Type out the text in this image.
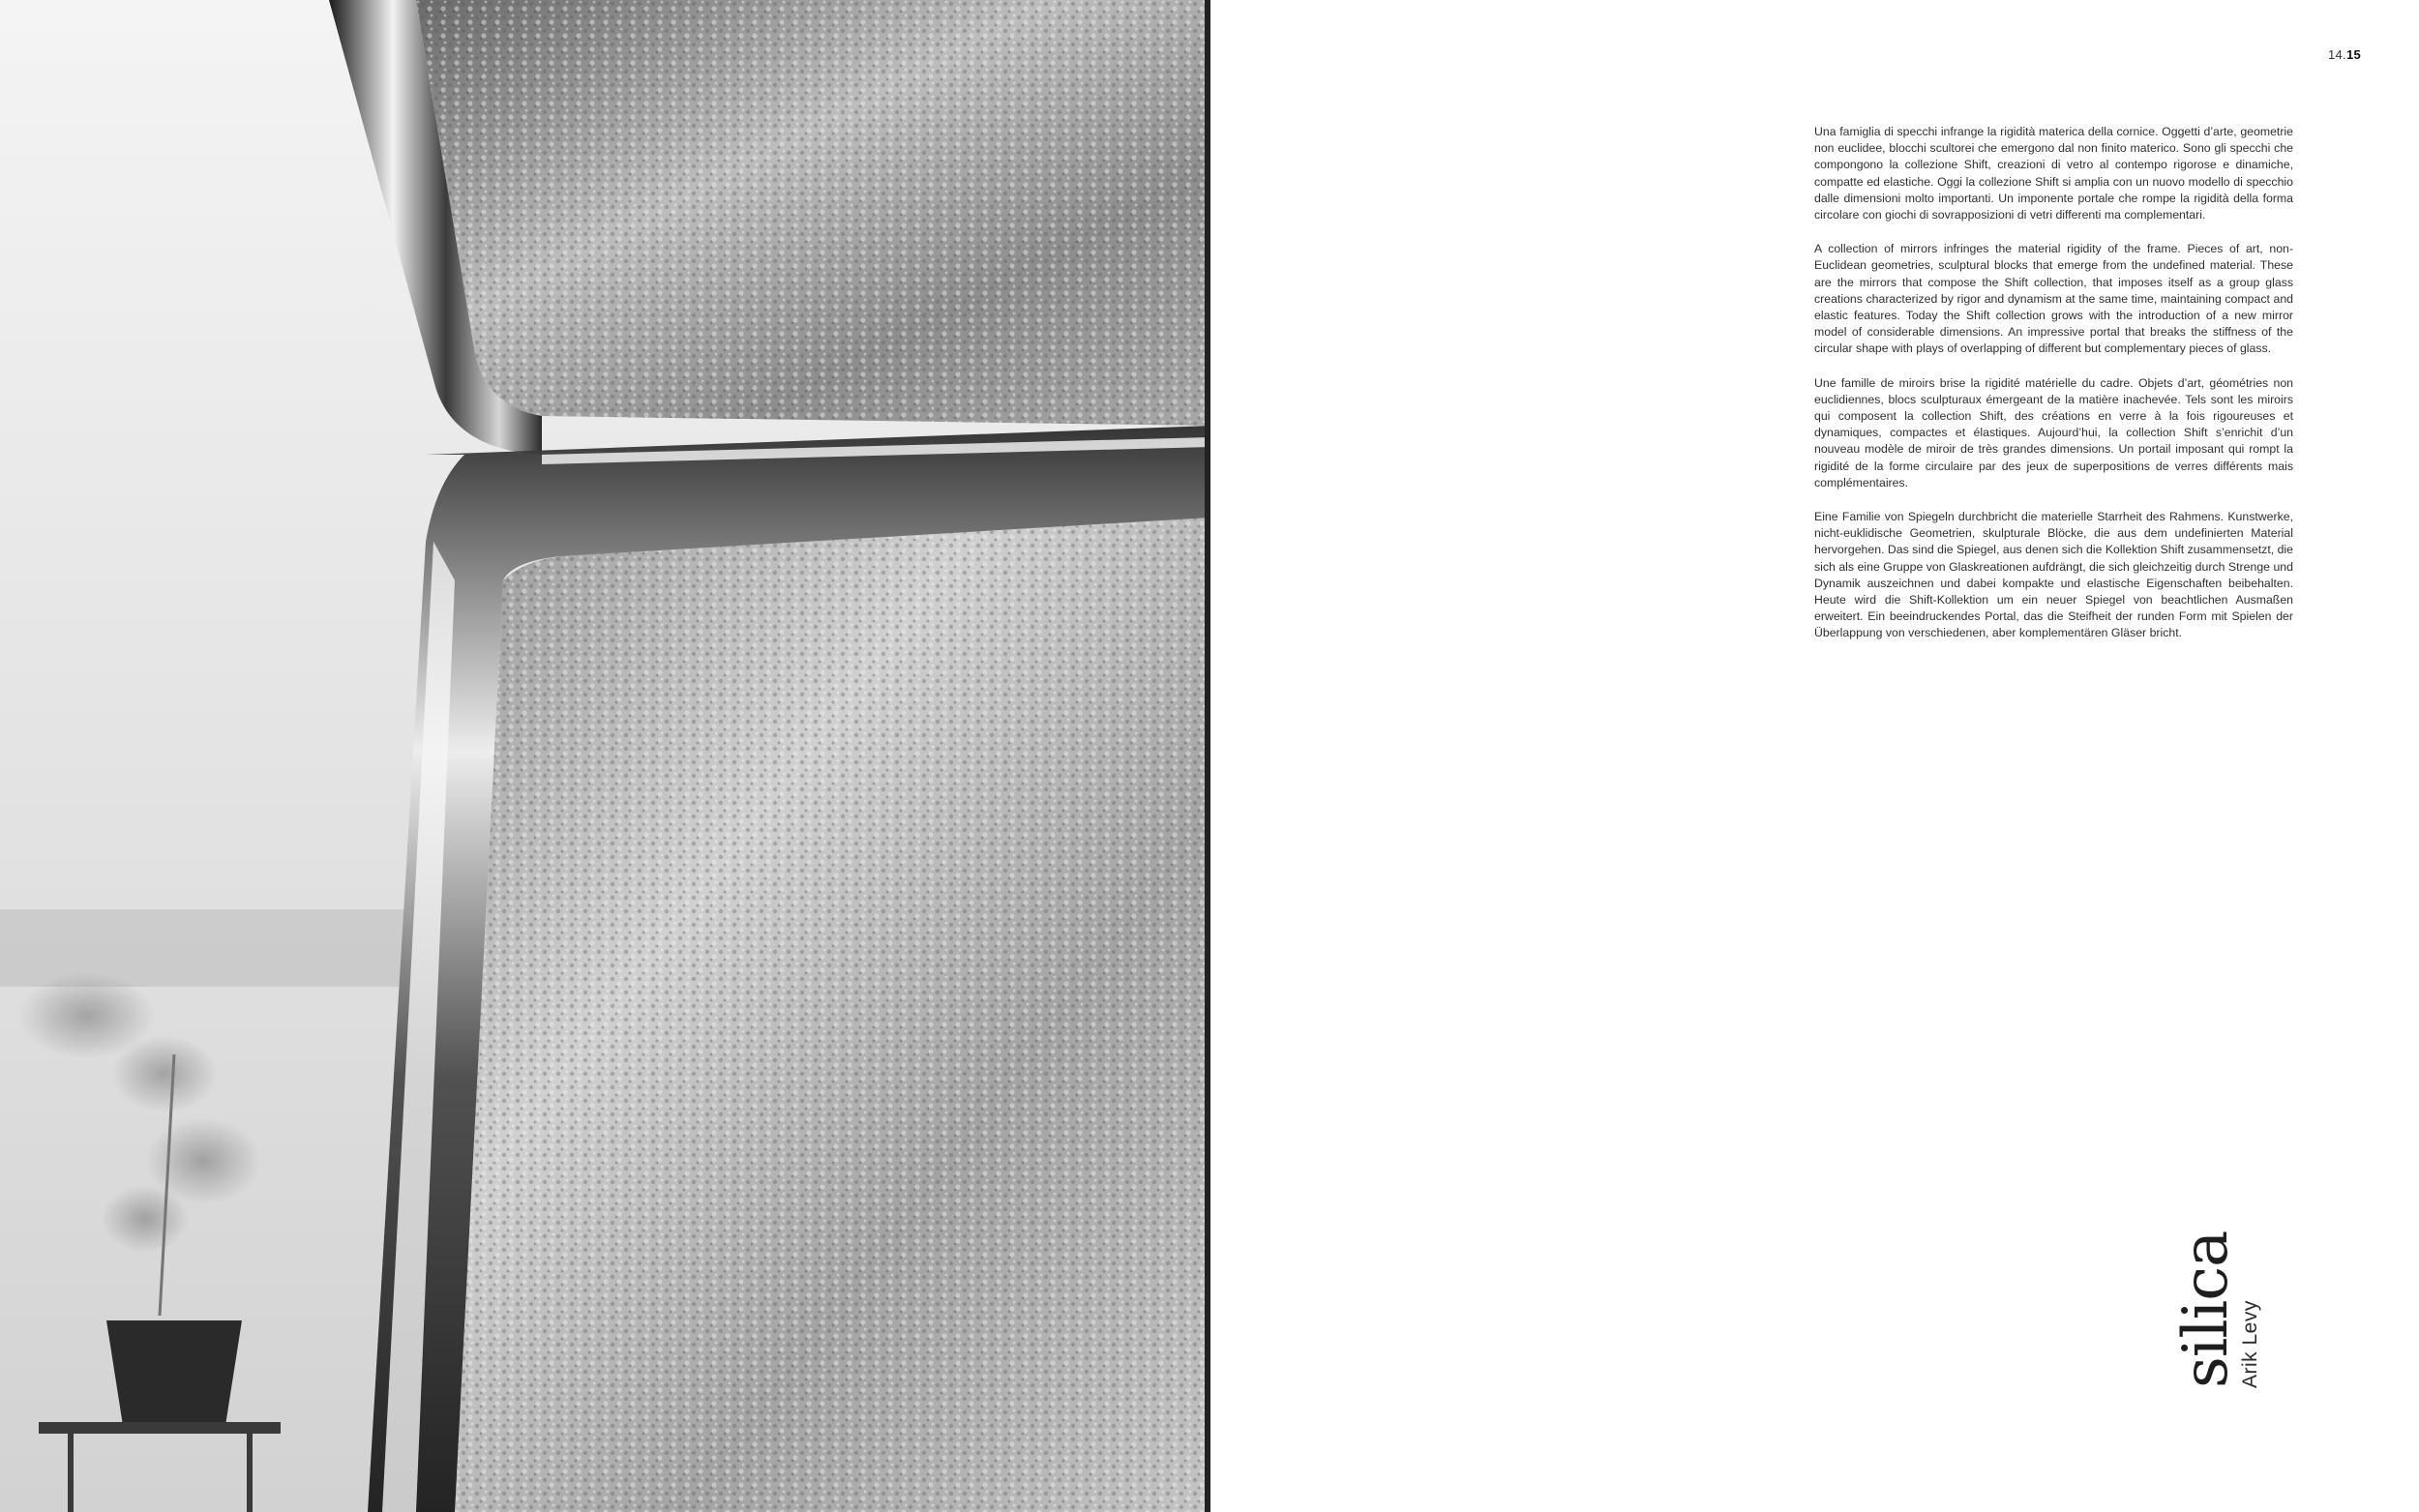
14.15

Una famiglia di specchi infrange la rigidità materica della cornice. Oggetti d’arte, geometrie non euclidee, blocchi scultorei che emergono dal non finito materico. Sono gli specchi che compongono la collezione Shift, creazioni di vetro al contempo rigorose e dinamiche, compatte ed elastiche. Oggi la collezione Shift si amplia con un nuovo modello di specchio dalle dimensioni molto importanti. Un imponente portale che rompe la rigidità della forma circolare con giochi di sovrapposizioni di vetri differenti ma complementari.

A collection of mirrors infringes the material rigidity of the frame. Pieces of art, non-Euclidean geometries, sculptural blocks that emerge from the undefined material. These are the mirrors that compose the Shift collection, that imposes itself as a group glass creations characterized by rigor and dynamism at the same time, maintaining compact and elastic features. Today the Shift collection grows with the introduction of a new mirror model of considerable dimensions. An impressive portal that breaks the stiffness of the circular shape with plays of overlapping of different but complementary pieces of glass.

Une famille de miroirs brise la rigidité matérielle du cadre. Objets d’art, géométries non euclidiennes, blocs sculpturaux émergeant de la matière inachevée. Tels sont les miroirs qui composent la collection Shift, des créations en verre à la fois rigoureuses et dynamiques, compactes et élastiques. Aujourd’hui, la collection Shift s’enrichit d’un nouveau modèle de miroir de très grandes dimensions. Un portail imposant qui rompt la rigidité de la forme circulaire par des jeux de superpositions de verres différents mais complémentaires.

Eine Familie von Spiegeln durchbricht die materielle Starrheit des Rahmens. Kunstwerke, nicht-euklidische Geometrien, skulpturale Blöcke, die aus dem undefinierten Material hervorgehen. Das sind die Spiegel, aus denen sich die Kollektion Shift zusammensetzt, die sich als eine Gruppe von Glaskreationen aufdrängt, die sich gleichzeitig durch Strenge und Dynamik auszeichnen und dabei kompakte und elastische Eigenschaften beibehalten. Heute wird die Shift-Kollektion um ein neuer Spiegel von beachtlichen Ausmaßen erweitert. Ein beeindruckendes Portal, das die Steifheit der runden Form mit Spielen der Überlappung von verschiedenen, aber komplementären Gläser bricht.

silica
Arik Levy
